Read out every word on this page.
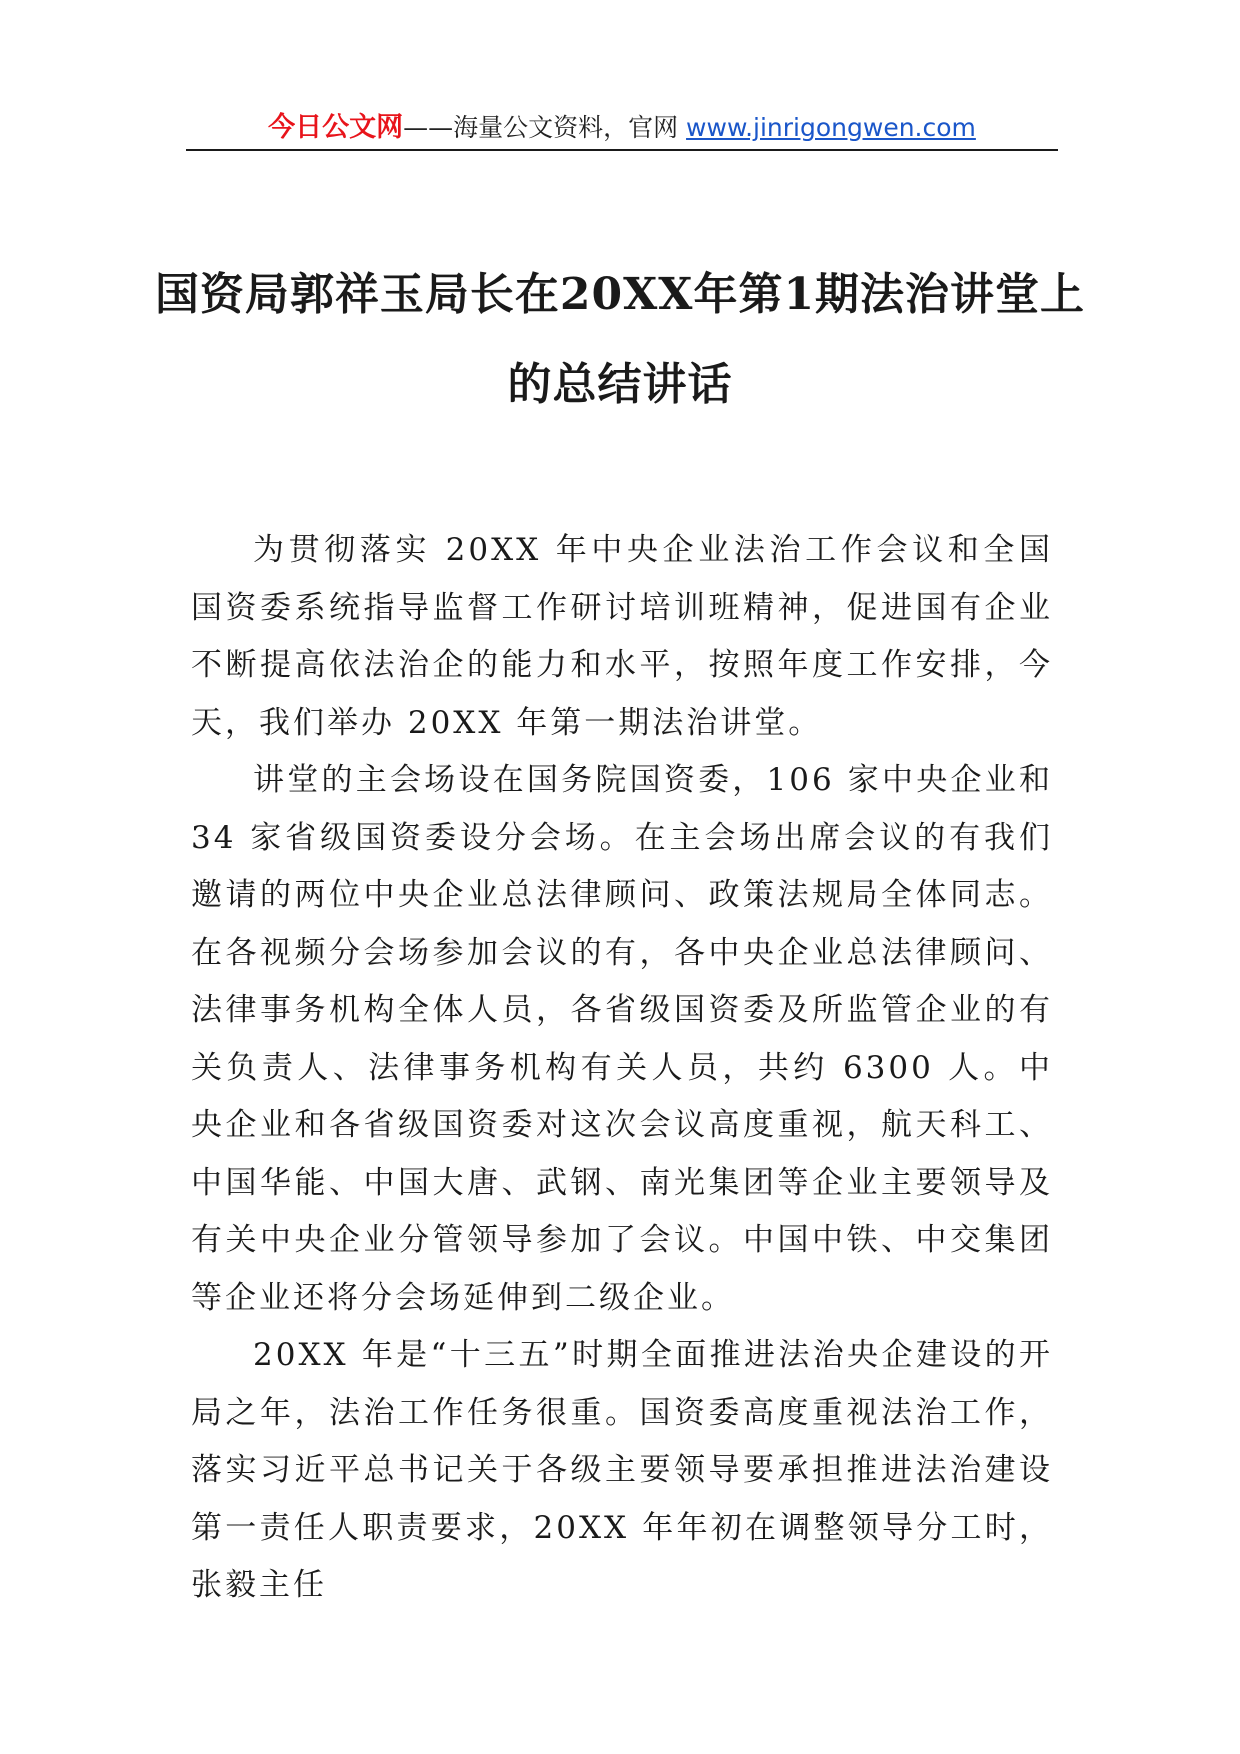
今日公文网——海量公文资料，官网 www.jinrigongwen.com
国资局郭祥玉局长在20XX年第1期法治讲堂上的总结讲话

为贯彻落实 20XX 年中央企业法治工作会议和全国国资委系统指导监督工作研讨培训班精神，促进国有企业不断提高依法治企的能力和水平，按照年度工作安排，今天，我们举办 20XX 年第一期法治讲堂。

讲堂的主会场设在国务院国资委，106 家中央企业和 34 家省级国资委设分会场。在主会场出席会议的有我们邀请的两位中央企业总法律顾问、政策法规局全体同志。在各视频分会场参加会议的有，各中央企业总法律顾问、法律事务机构全体人员，各省级国资委及所监管企业的有关负责人、法律事务机构有关人员，共约 6300 人。中央企业和各省级国资委对这次会议高度重视，航天科工、中国华能、中国大唐、武钢、南光集团等企业主要领导及有关中央企业分管领导参加了会议。中国中铁、中交集团等企业还将分会场延伸到二级企业。

20XX 年是“十三五”时期全面推进法治央企建设的开局之年，法治工作任务很重。国资委高度重视法治工作，落实习近平总书记关于各级主要领导要承担推进法治建设第一责任人职责要求，20XX 年年初在调整领导分工时，张毅主任
